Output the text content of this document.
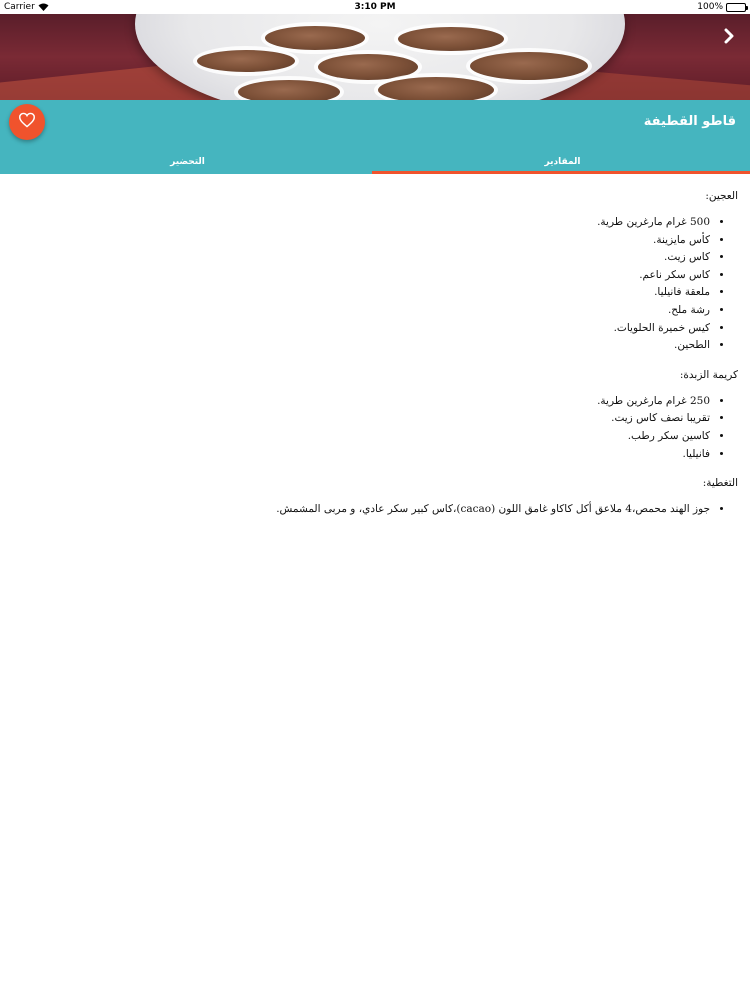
Carrier	3:10 PM	100%
قاطو القطيفة
التحضير	المقادير
العجين:
• 500 غرام مارغرين طرية.
• كأس مايزينة.
• كاس زيت.
• كاس سكر ناعم.
• ملعقة فانيليا.
• رشة ملح.
• كيس خميرة الحلويات.
• الطحين.
كريمة الزبدة:
• 250 غرام مارغرين طرية.
• تقريبا نصف كاس زيت.
• كاسين سكر رطب.
• فانيليا.
التغطية:
• جوز الهند محمص،4 ملاعق أكل كاكاو غامق اللون (cacao)،كاس كبير سكر عادي، و مربى المشمش.
